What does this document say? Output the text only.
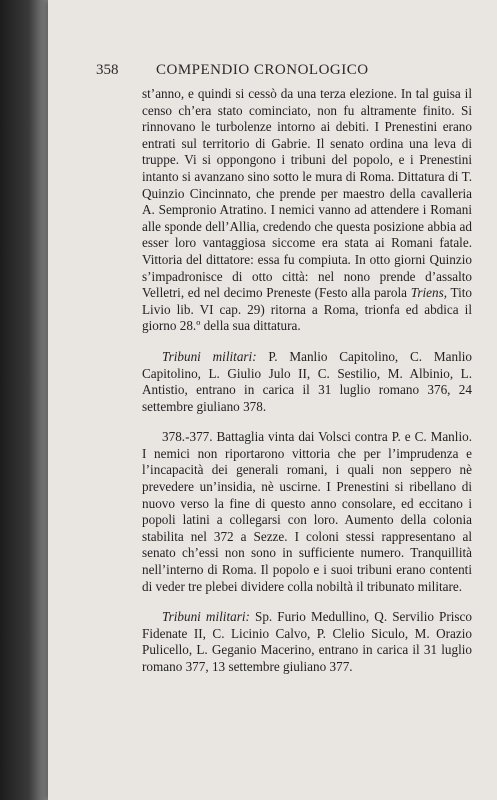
358	COMPENDIO CRONOLOGICO

st’anno, e quindi si cessò da una terza elezione. In tal guisa il censo ch’era stato cominciato, non fu altramente finito. Si rinnovano le turbolenze intorno ai debiti. I Prenestini erano entrati sul territorio di Gabrie. Il senato ordina una leva di truppe. Vi si oppongono i tribuni del popolo, e i Prenestini intanto si avanzano sino sotto le mura di Roma. Dittatura di T. Quinzio Cincinnato, che prende per maestro della cavalleria A. Sempronio Atratino. I nemici vanno ad attendere i Romani alle sponde dell’Allia, credendo che questa posizione abbia ad esser loro vantaggiosa siccome era stata ai Romani fatale. Vittoria del dittatore: essa fu compiuta. In otto giorni Quinzio s’impadronisce di otto città: nel nono prende d’assalto Velletri, ed nel decimo Preneste (Festo alla parola Triens, Tito Livio lib. VI cap. 29) ritorna a Roma, trionfa ed abdica il giorno 28.º della sua dittatura.

Tribuni militari: P. Manlio Capitolino, C. Manlio Capitolino, L. Giulio Julo II, C. Sestilio, M. Albinio, L. Antistio, entrano in carica il 31 luglio romano 376, 24 settembre giuliano 378.

378.-377. Battaglia vinta dai Volsci contra P. e C. Manlio. I nemici non riportarono vittoria che per l’imprudenza e l’incapacità dei generali romani, i quali non seppero nè prevedere un’insidia, nè uscirne. I Prenestini si ribellano di nuovo verso la fine di questo anno consolare, ed eccitano i popoli latini a collegarsi con loro. Aumento della colonia stabilita nel 372 a Sezze. I coloni stessi rappresentano al senato ch’essi non sono in sufficiente numero. Tranquillità nell’interno di Roma. Il popolo e i suoi tribuni erano contenti di veder tre plebei dividere colla nobiltà il tribunato militare.

Tribuni militari: Sp. Furio Medullino, Q. Servilio Prisco Fidenate II, C. Licinio Calvo, P. Clelio Siculo, M. Orazio Pulicello, L. Geganio Macerino, entrano in carica il 31 luglio romano 377, 13 settembre giuliano 377.
